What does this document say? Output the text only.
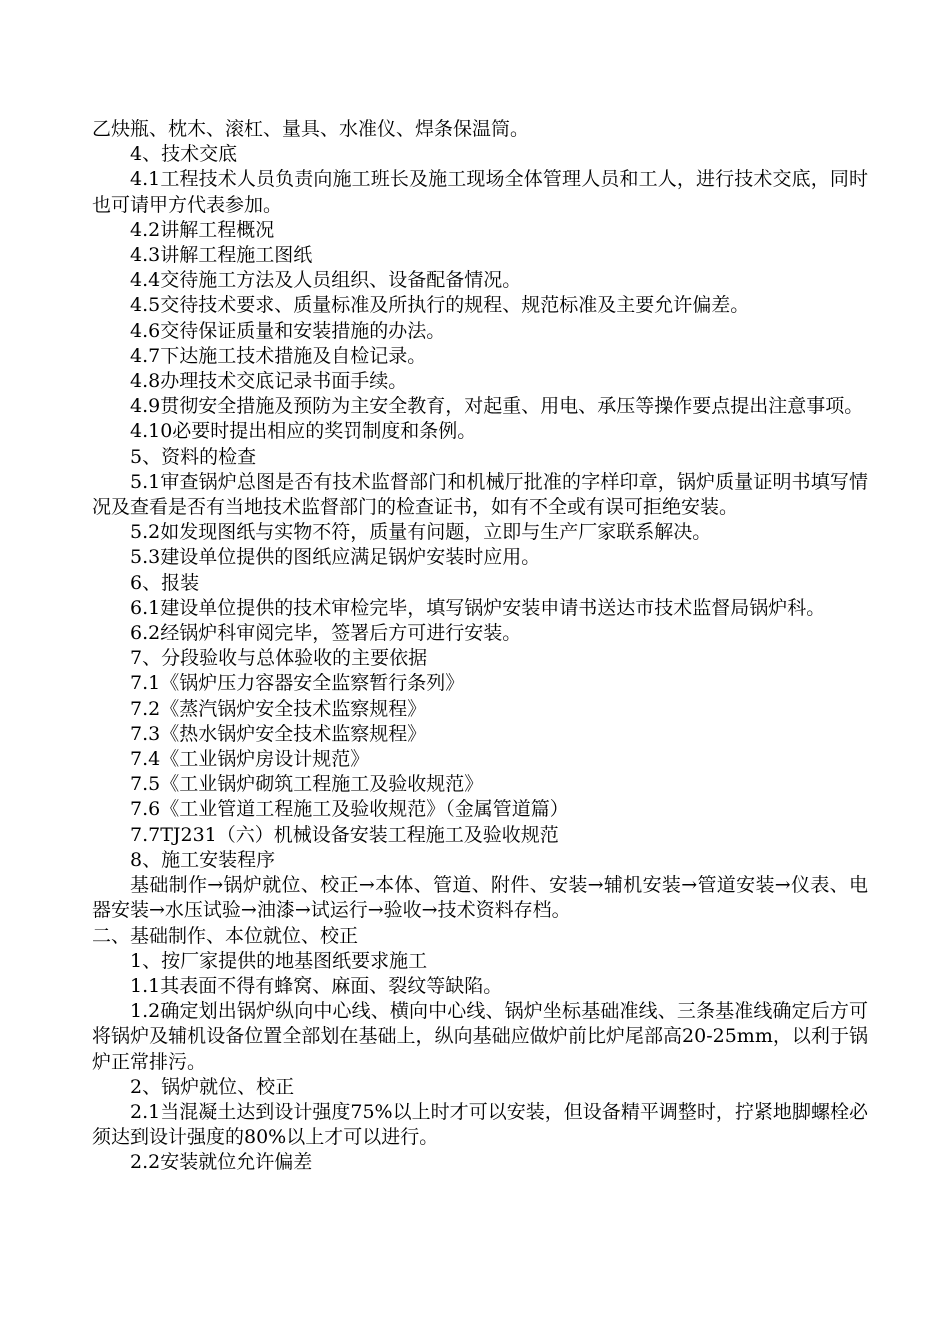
乙炔瓶、枕木、滚杠、量具、水准仪、焊条保温筒。

4、技术交底

4.1工程技术人员负责向施工班长及施工现场全体管理人员和工人，进行技术交底，同时也可请甲方代表参加。

4.2讲解工程概况

4.3讲解工程施工图纸

4.4交待施工方法及人员组织、设备配备情况。

4.5交待技术要求、质量标准及所执行的规程、规范标准及主要允许偏差。

4.6交待保证质量和安装措施的办法。

4.7下达施工技术措施及自检记录。

4.8办理技术交底记录书面手续。

4.9贯彻安全措施及预防为主安全教育，对起重、用电、承压等操作要点提出注意事项。

4.10必要时提出相应的奖罚制度和条例。

5、资料的检查

5.1审查锅炉总图是否有技术监督部门和机械厅批准的字样印章，锅炉质量证明书填写情况及查看是否有当地技术监督部门的检查证书，如有不全或有误可拒绝安装。

5.2如发现图纸与实物不符，质量有问题，立即与生产厂家联系解决。

5.3建设单位提供的图纸应满足锅炉安装时应用。

6、报装

6.1建设单位提供的技术审检完毕，填写锅炉安装申请书送达市技术监督局锅炉科。

6.2经锅炉科审阅完毕，签署后方可进行安装。

7、分段验收与总体验收的主要依据

7.1《锅炉压力容器安全监察暂行条列》

7.2《蒸汽锅炉安全技术监察规程》

7.3《热水锅炉安全技术监察规程》

7.4《工业锅炉房设计规范》

7.5《工业锅炉砌筑工程施工及验收规范》

7.6《工业管道工程施工及验收规范》（金属管道篇）

7.7TJ231（六）机械设备安装工程施工及验收规范

8、施工安装程序

基础制作→锅炉就位、校正→本体、管道、附件、安装→辅机安装→管道安装→仪表、电器安装→水压试验→油漆→试运行→验收→技术资料存档。

二、基础制作、本位就位、校正

1、按厂家提供的地基图纸要求施工

1.1其表面不得有蜂窝、麻面、裂纹等缺陷。

1.2确定划出锅炉纵向中心线、横向中心线、锅炉坐标基础准线、三条基准线确定后方可将锅炉及辅机设备位置全部划在基础上，纵向基础应做炉前比炉尾部高20-25mm，以利于锅炉正常排污。

2、锅炉就位、校正

2.1当混凝土达到设计强度75%以上时才可以安装，但设备精平调整时，拧紧地脚螺栓必须达到设计强度的80%以上才可以进行。

2.2安装就位允许偏差
